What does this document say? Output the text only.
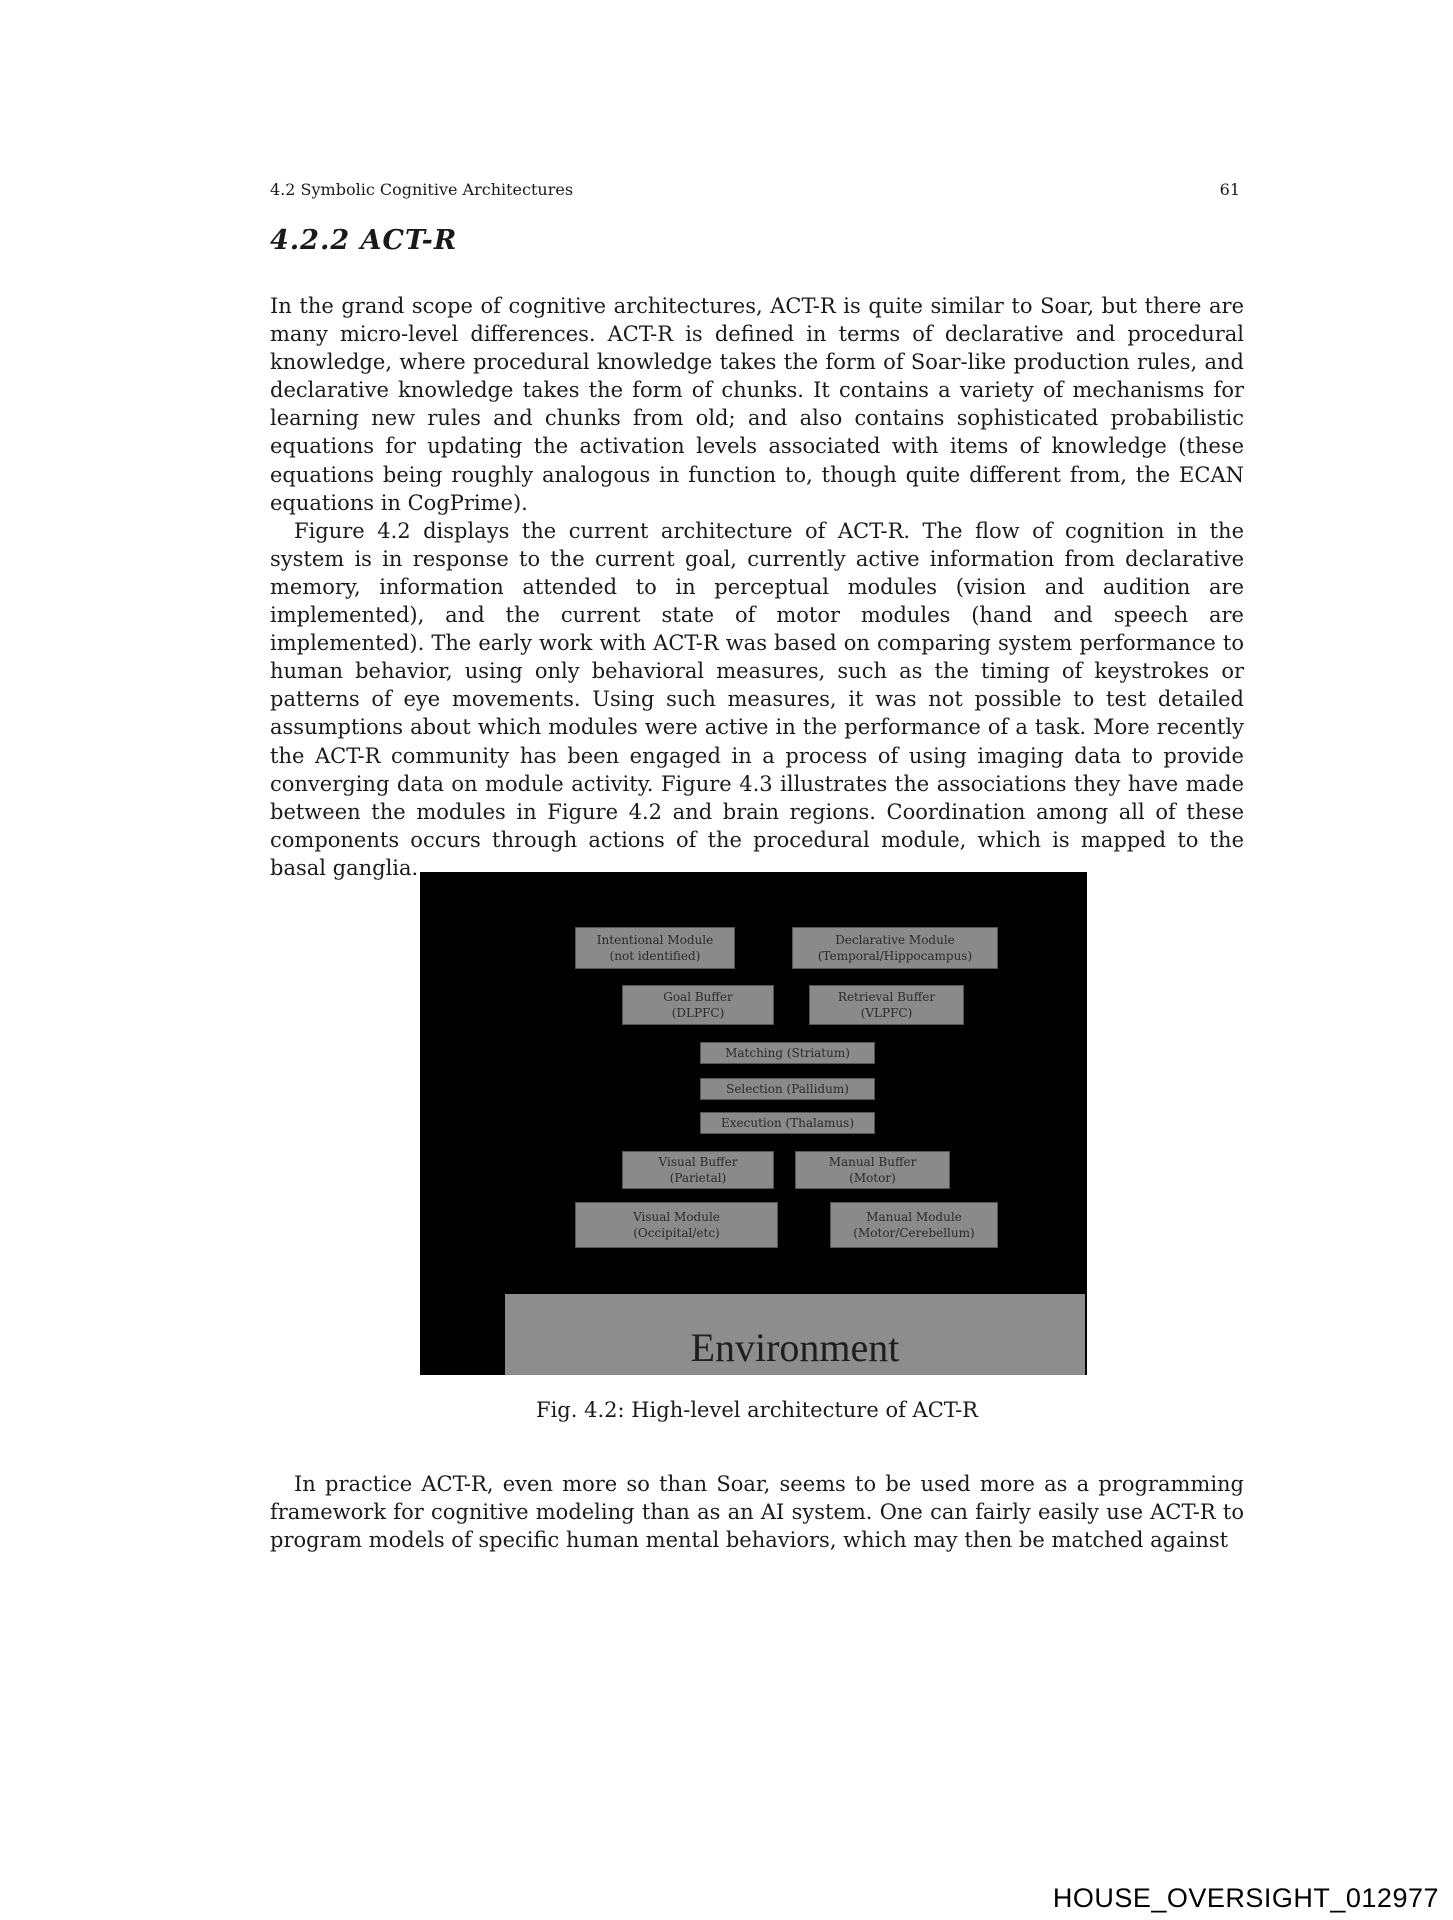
4.2 Symbolic Cognitive Architectures	61
4.2.2 ACT-R

In the grand scope of cognitive architectures, ACT-R is quite similar to Soar, but there are many micro-level differences. ACT-R is defined in terms of declarative and procedural knowledge, where procedural knowledge takes the form of Soar-like production rules, and declarative knowledge takes the form of chunks. It contains a variety of mechanisms for learning new rules and chunks from old; and also contains sophisticated probabilistic equations for updating the activation levels associated with items of knowledge (these equations being roughly analogous in function to, though quite different from, the ECAN equations in CogPrime).

Figure 4.2 displays the current architecture of ACT-R. The flow of cognition in the system is in response to the current goal, currently active information from declarative memory, information attended to in perceptual modules (vision and audition are implemented), and the current state of motor modules (hand and speech are implemented). The early work with ACT-R was based on comparing system performance to human behavior, using only behavioral measures, such as the timing of keystrokes or patterns of eye movements. Using such measures, it was not possible to test detailed assumptions about which modules were active in the performance of a task. More recently the ACT-R community has been engaged in a process of using imaging data to provide converging data on module activity. Figure 4.3 illustrates the associations they have made between the modules in Figure 4.2 and brain regions. Coordination among all of these components occurs through actions of the procedural module, which is mapped to the basal ganglia.

Intentional Module
(not identified)
Declarative Module
(Temporal/Hippocampus)
Goal Buffer
(DLPFC)
Retrieval Buffer
(VLPFC)
Matching (Striatum)
Selection (Pallidum)
Execution (Thalamus)
Visual Buffer
(Parietal)
Manual Buffer
(Motor)
Visual Module
(Occipital/etc)
Manual Module
(Motor/Cerebellum)
Environment
Fig. 4.2: High-level architecture of ACT-R

In practice ACT-R, even more so than Soar, seems to be used more as a programming framework for cognitive modeling than as an AI system. One can fairly easily use ACT-R to program models of specific human mental behaviors, which may then be matched against

HOUSE_OVERSIGHT_012977
